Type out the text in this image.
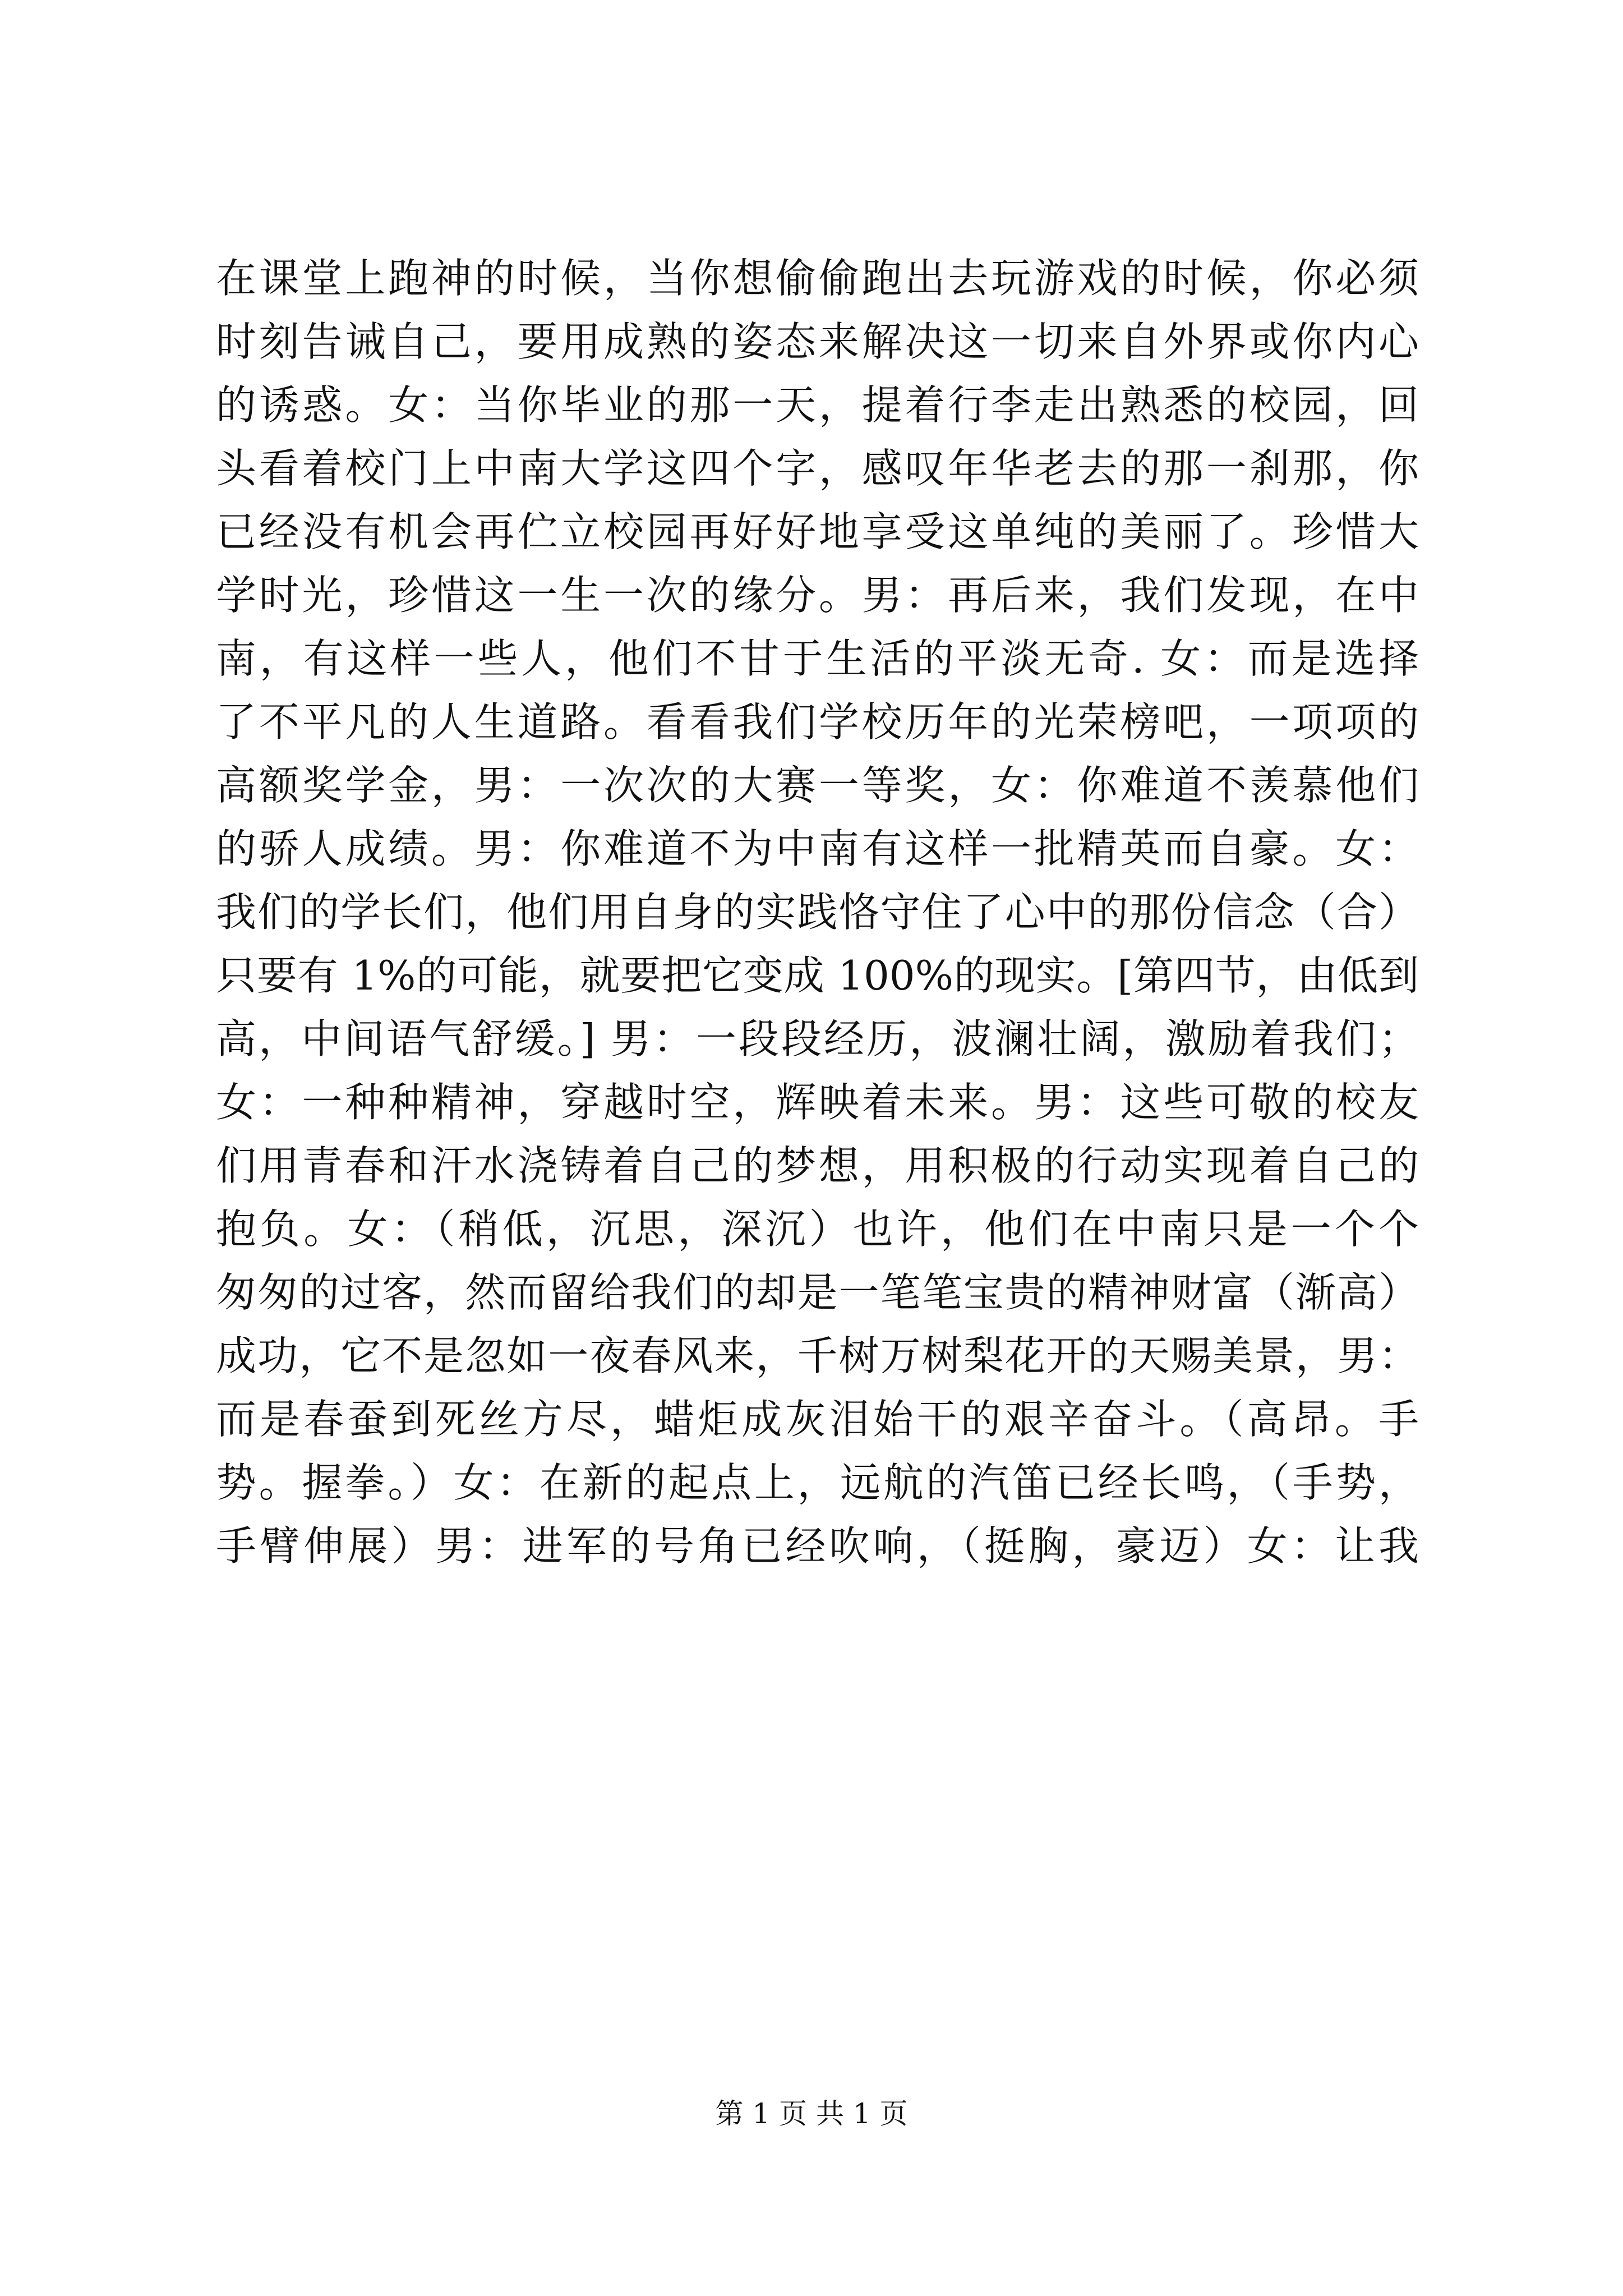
在课堂上跑神的时候，当你想偷偷跑出去玩游戏的时候，你必须
时刻告诫自己，要用成熟的姿态来解决这一切来自外界或你内心
的诱惑。女：当你毕业的那一天，提着行李走出熟悉的校园，回
头看着校门上中南大学这四个字，感叹年华老去的那一刹那，你
已经没有机会再伫立校园再好好地享受这单纯的美丽了。珍惜大
学时光，珍惜这一生一次的缘分。男：再后来，我们发现，在中
南，有这样一些人，他们不甘于生活的平淡无奇. 女：而是选择
了不平凡的人生道路。看看我们学校历年的光荣榜吧，一项项的
高额奖学金，男：一次次的大赛一等奖，女：你难道不羡慕他们
的骄人成绩。男：你难道不为中南有这样一批精英而自豪。女：
我们的学长们，他们用自身的实践恪守住了心中的那份信念（合）
只要有 1%的可能，就要把它变成 100%的现实。[第四节，由低到
高，中间语气舒缓。] 男：一段段经历，波澜壮阔，激励着我们；
女：一种种精神，穿越时空，辉映着未来。男：这些可敬的校友
们用青春和汗水浇铸着自己的梦想，用积极的行动实现着自己的
抱负。女：（稍低，沉思，深沉）也许，他们在中南只是一个个
匆匆的过客，然而留给我们的却是一笔笔宝贵的精神财富（渐高）
成功，它不是忽如一夜春风来，千树万树梨花开的天赐美景，男：
而是春蚕到死丝方尽，蜡炬成灰泪始干的艰辛奋斗。（高昂。手
势。握拳。）女：在新的起点上，远航的汽笛已经长鸣，（手势，
手臂伸展）男：进军的号角已经吹响，（挺胸，豪迈）女：让我
第 1 页 共 1 页
